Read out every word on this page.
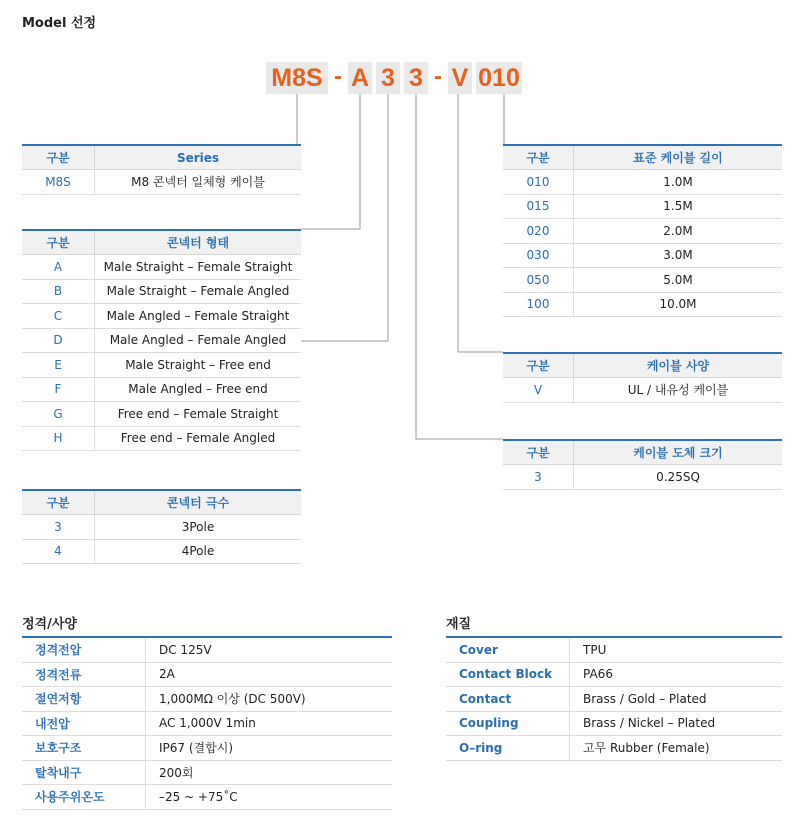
Model 선정
M8S - A 3 3 - V 010
구분	Series
M8S	M8 콘넥터 일체형 케이블
구분	콘넥터 형태
A	Male Straight – Female Straight
B	Male Straight – Female Angled
C	Male Angled – Female Straight
D	Male Angled – Female Angled
E	Male Straight – Free end
F	Male Angled – Free end
G	Free end – Female Straight
H	Free end – Female Angled
구분	콘넥터 극수
3	3Pole
4	4Pole
구분	표준 케이블 길이
010	1.0M
015	1.5M
020	2.0M
030	3.0M
050	5.0M
100	10.0M
구분	케이블 사양
V	UL / 내유성 케이블
구분	케이블 도체 크기
3	0.25SQ
정격/사양
정격전압	DC 125V
정격전류	2A
절연저항	1,000MΩ 이상 (DC 500V)
내전압	AC 1,000V 1min
보호구조	IP67 (결합시)
탈착내구	200회
사용주위온도	–25 ~ +75˚C
재질
Cover	TPU
Contact Block	PA66
Contact	Brass / Gold – Plated
Coupling	Brass / Nickel – Plated
O–ring	고무 Rubber (Female)
